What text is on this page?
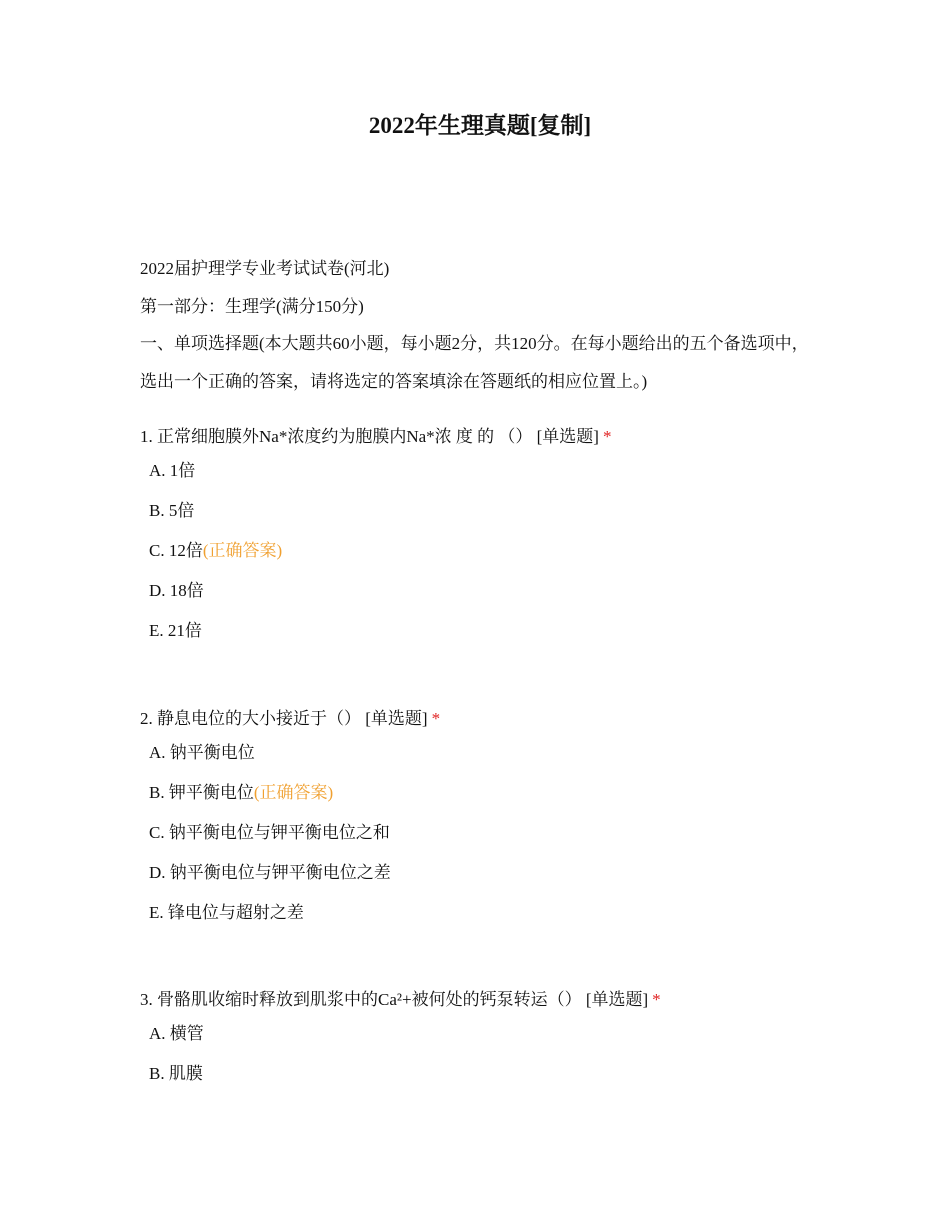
2022年生理真题[复制]

2022届护理学专业考试试卷(河北)

第一部分：生理学(满分150分)

一、单项选择题(本大题共60小题，每小题2分，共120分。在每小题给出的五个备选项中，选出一个正确的答案，请将选定的答案填涂在答题纸的相应位置上。)

1. 正常细胞膜外Na*浓度约为胞膜内Na*浓 度 的 （） [单选题] *

A. 1倍
B. 5倍
C. 12倍(正确答案)
D. 18倍
E. 21倍

2. 静息电位的大小接近于（） [单选题] *

A. 钠平衡电位
B. 钾平衡电位(正确答案)
C. 钠平衡电位与钾平衡电位之和
D. 钠平衡电位与钾平衡电位之差
E. 锋电位与超射之差

3. 骨骼肌收缩时释放到肌浆中的Ca²+被何处的钙泵转运（） [单选题] *

A. 横管
B. 肌膜
